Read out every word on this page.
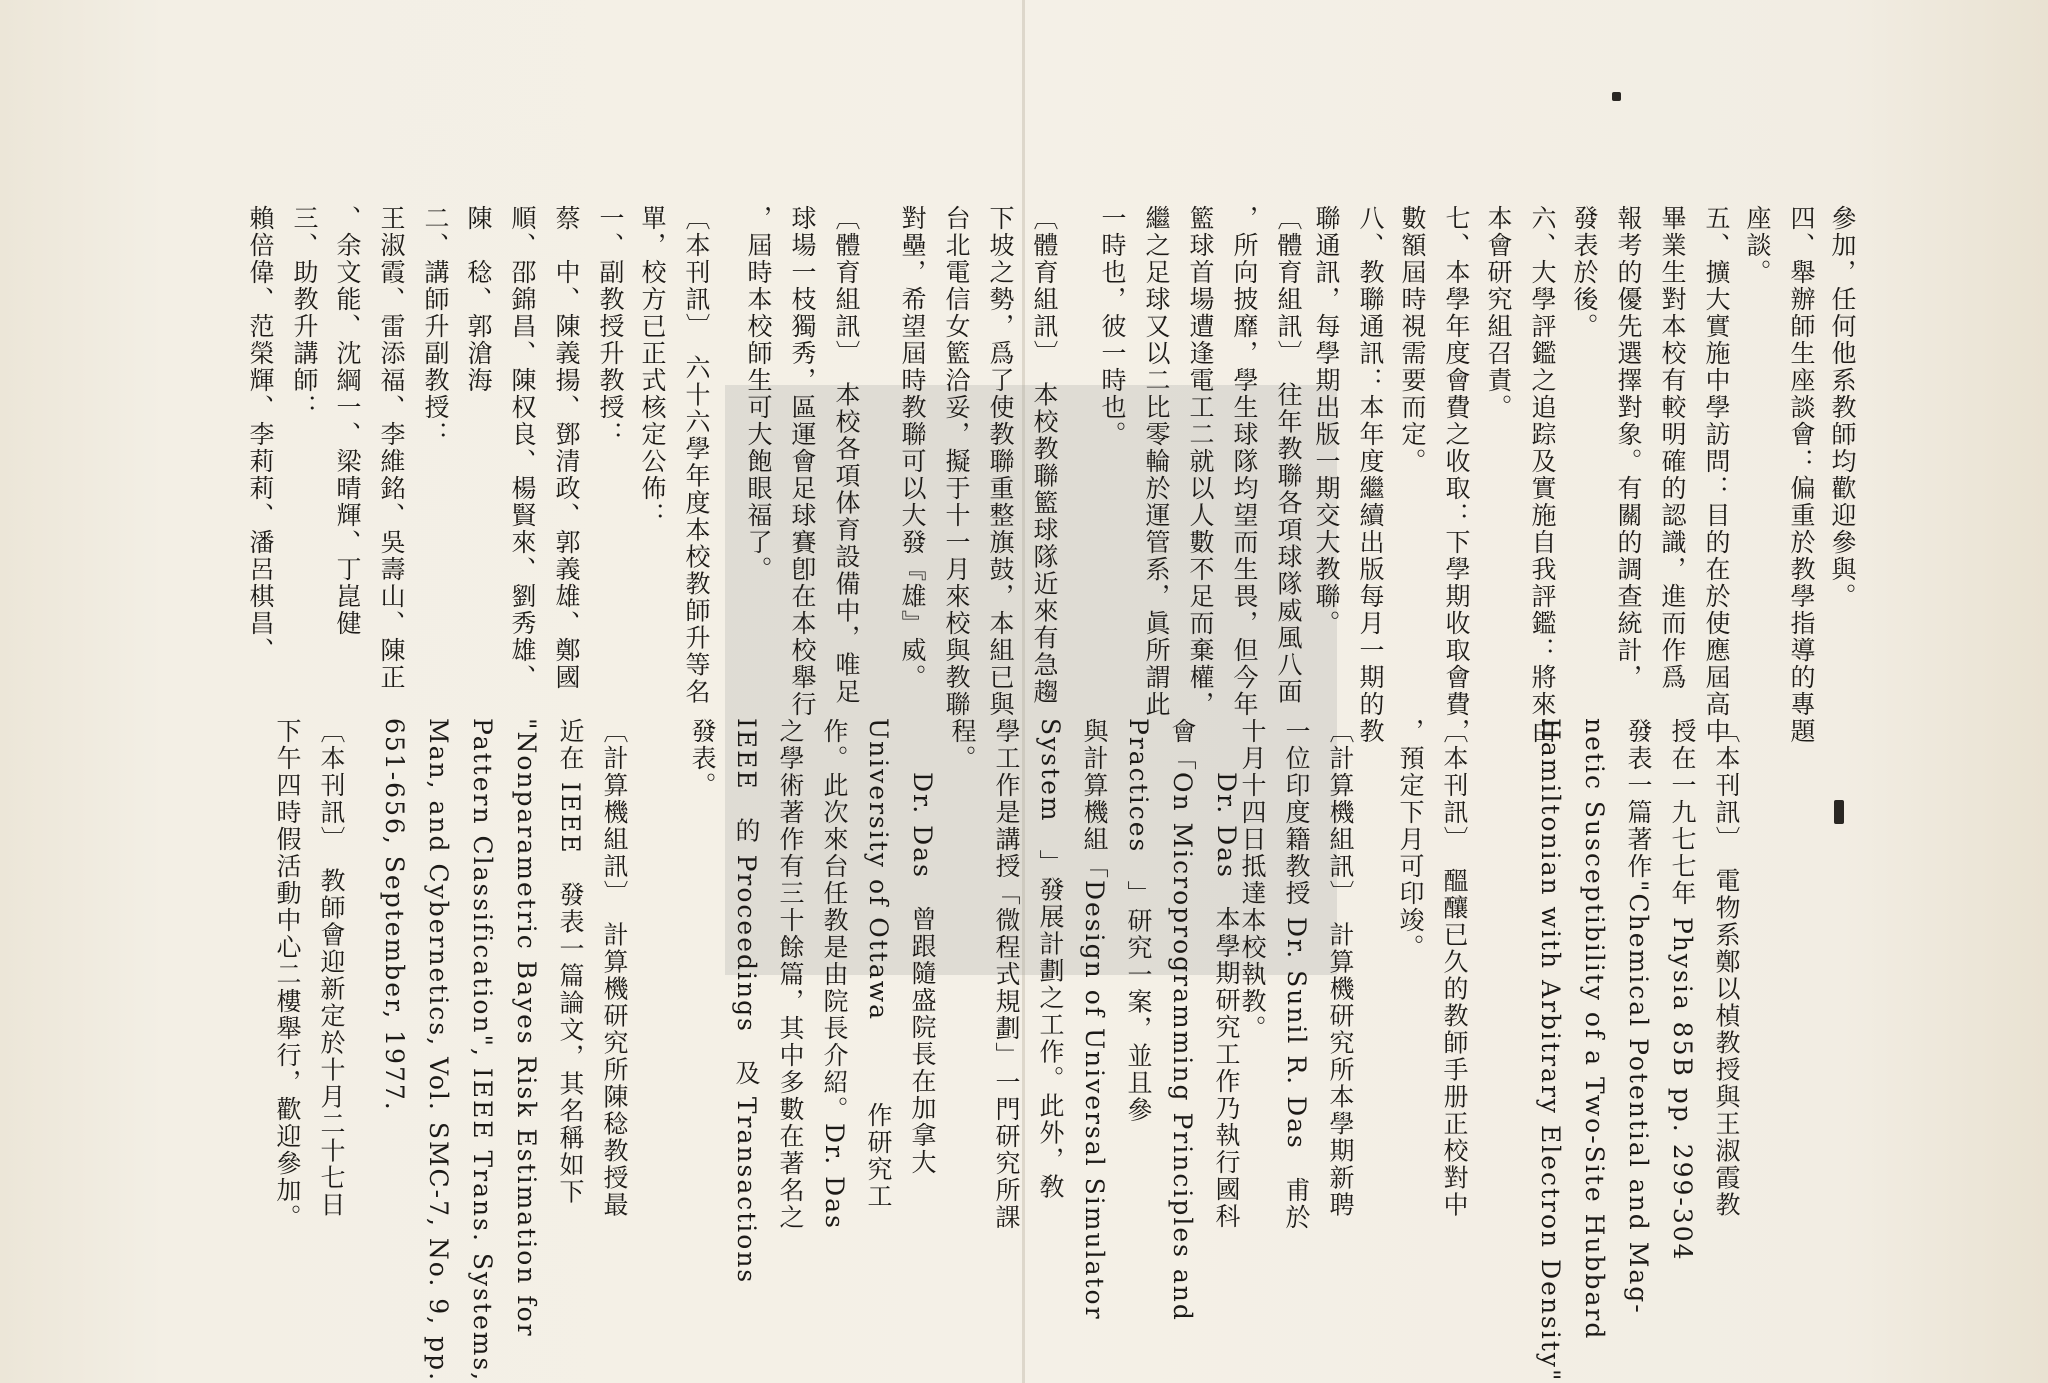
參加，任何他系教師均歡迎參與。

四、舉辦師生座談會：偏重於教學指導的專題

座談。

五、擴大實施中學訪問：目的在於使應屆高中

畢業生對本校有較明確的認識，進而作爲

報考的優先選擇對象。有關的調查統計，

發表於後。

六、大學評鑑之追踪及實施自我評鑑：將來由

本會研究組召責。

七、本學年度會費之收取：下學期收取會費，

數額屆時視需要而定。

八、教聯通訊：本年度繼續出版每月一期的教

聯通訊，每學期出版一期交大教聯。

〔體育組訊〕　往年教聯各項球隊威風八面

，所向披靡，學生球隊均望而生畏，但今年

籃球首場遭逢電工二就以人數不足而棄權，

繼之足球又以二比零輪於運管系，眞所謂此

一時也，彼一時也。

〔體育組訊〕　本校教聯籃球隊近來有急趨

下坡之勢，爲了使教聯重整旗鼓，本組已與

台北電信女籃洽妥，擬于十一月來校與教聯

對壘，希望屆時教聯可以大發『雄』威。

〔體育組訊〕　本校各項体育設備中，唯足

球場一枝獨秀，區運會足球賽卽在本校舉行

，屆時本校師生可大飽眼福了。

〔本刊訊〕　六十六學年度本校教師升等名

單，校方已正式核定公佈：

一、副教授升教授：

蔡　中、陳義揚、鄧清政、郭義雄、鄭國

順、邵錦昌、陳权良、楊賢來、劉秀雄、

陳　稔、郭滄海

二、講師升副教授：

王淑霞、雷添福、李維銘、吳壽山、陳正

、余文能、沈綱一、梁晴輝、丁崑健

三、助教升講師：

賴倍偉、范榮輝、李莉莉、潘呂棋昌、

〔本刊訊〕　電物系鄭以楨教授與王淑霞教

授在一九七七年 Physia 85B pp. 299-304

發表一篇著作"Chemical Potential and Mag-

netic Susceptibility of a Two-Site Hubbard

Hamiltonian with Arbitrary Electron Density"

〔本刊訊〕　醞釀已久的教師手册正校對中

，預定下月可印竣。

〔計算機組訊〕　計算機研究所本學期新聘

一位印度籍教授 Dr. Sunil R. Das　甫於

十月十四日抵達本校執教。

　　Dr. Das　本學期研究工作乃執行國科

會「On Microprogramming Principles and

Practices　」研究一案，並且參

與計算機組「Design of Universal Simulator

System　」發展計劃之工作。此外，敎

學工作是講授「微程式規劃」一門研究所課

程。

　　Dr. Das　曾跟隨盛院長在加拿大

University of Ottawa　　　作研究工

作。此次來台任教是由院長介紹。Dr. Das

之學術著作有三十餘篇，其中多數在著名之

IEEE　的 Proceedings　及 Transactions

發表。

〔計算機組訊〕　計算機研究所陳稔教授最

近在 IEEE　發表一篇論文，其名稱如下

"Nonparametric Bayes Risk Estimation for

Pattern Classification", IEEE Trans. Systems,

Man, and Cybernetics, Vol. SMC-7, No. 9, pp.

651-656, September, 1977.

〔本刊訊〕　教師會迎新定於十月二十七日

下午四時假活動中心二樓舉行，歡迎參加。
